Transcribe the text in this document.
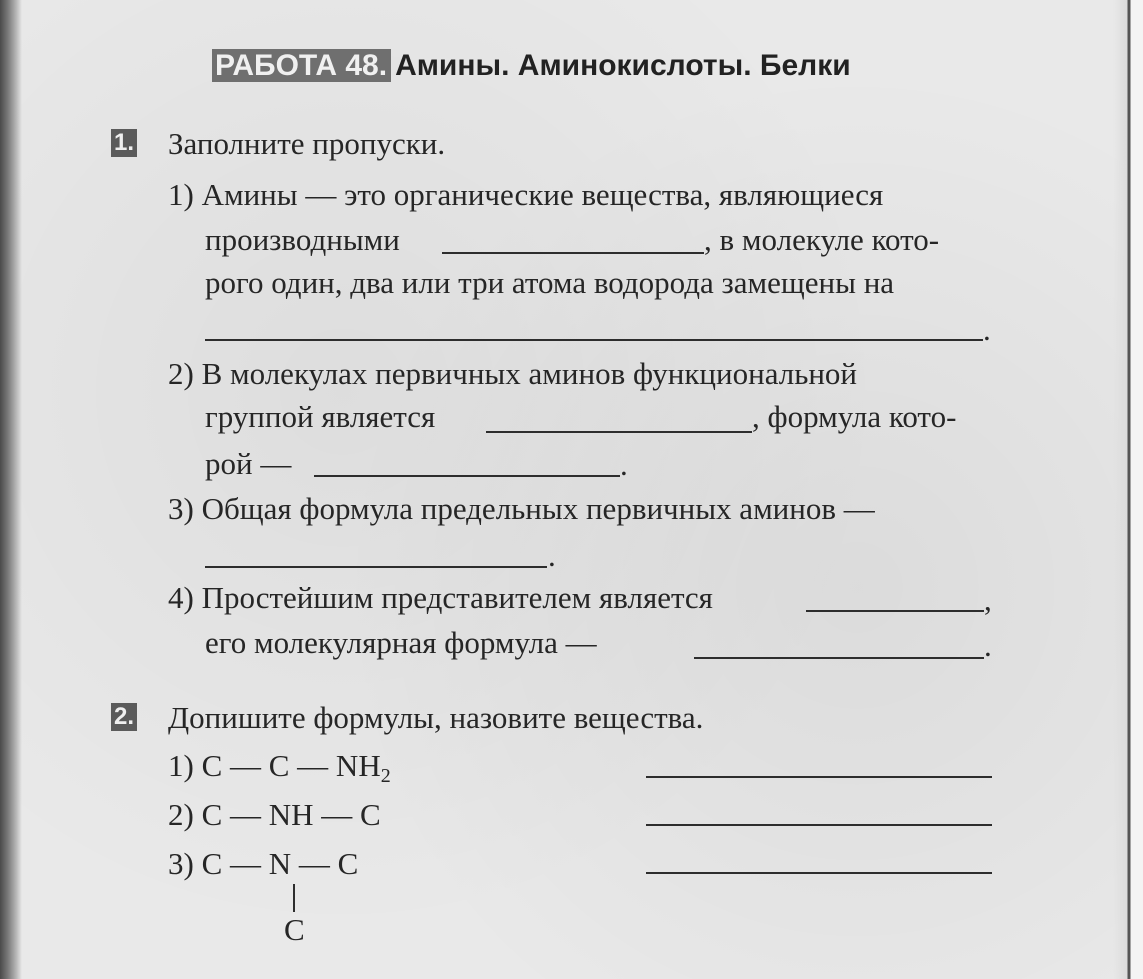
РАБОТА 48. Амины. Аминокислоты. Белки
1. Заполните пропуски.
1) Амины — это органические вещества, являющиеся
производными	, в молекуле кото-
рого один, два или три атома водорода замещены на
.
2) В молекулах первичных аминов функциональной
группой является	, формула кото-
рой —	.
3) Общая формула предельных первичных аминов —
.
4) Простейшим представителем является	,
его молекулярная формула —	.
2. Допишите формулы, назовите вещества.
1) C — C — $NH_2$
2) C — NH — C
3) C — N — C
C
